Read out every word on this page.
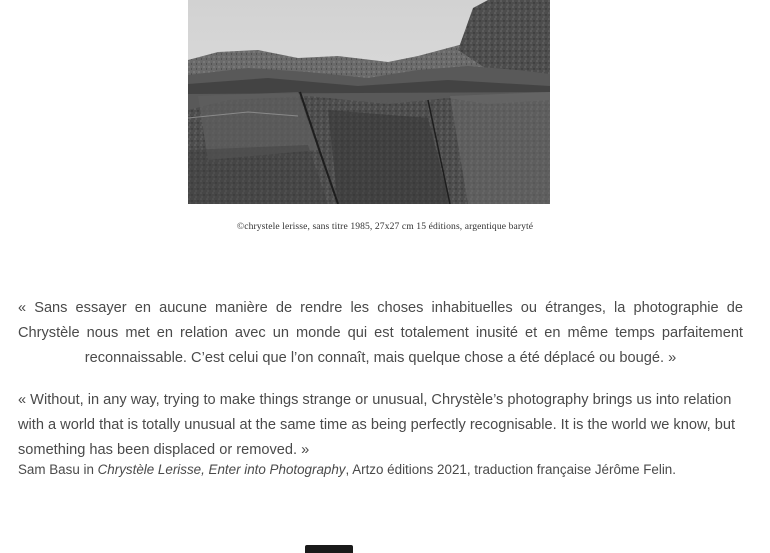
©chrystele lerisse, sans titre 1985, 27x27 cm 15 éditions, argentique baryté

« Sans essayer en aucune manière de rendre les choses inhabituelles ou étranges, la photographie de Chrystèle nous met en relation avec un monde qui est totalement inusité et en même temps parfaitement reconnaissable. C’est celui que l’on connaît, mais quelque chose a été déplacé ou bougé. »

« Without, in any way, trying to make things strange or unusual, Chrystèle’s photography brings us into relation with a world that is totally unusual at the same time as being perfectly recognisable. It is the world we know, but something has been displaced or removed. »

Sam Basu in Chrystèle Lerisse, Enter into Photography, Artzo éditions 2021, traduction française Jérôme Felin.
